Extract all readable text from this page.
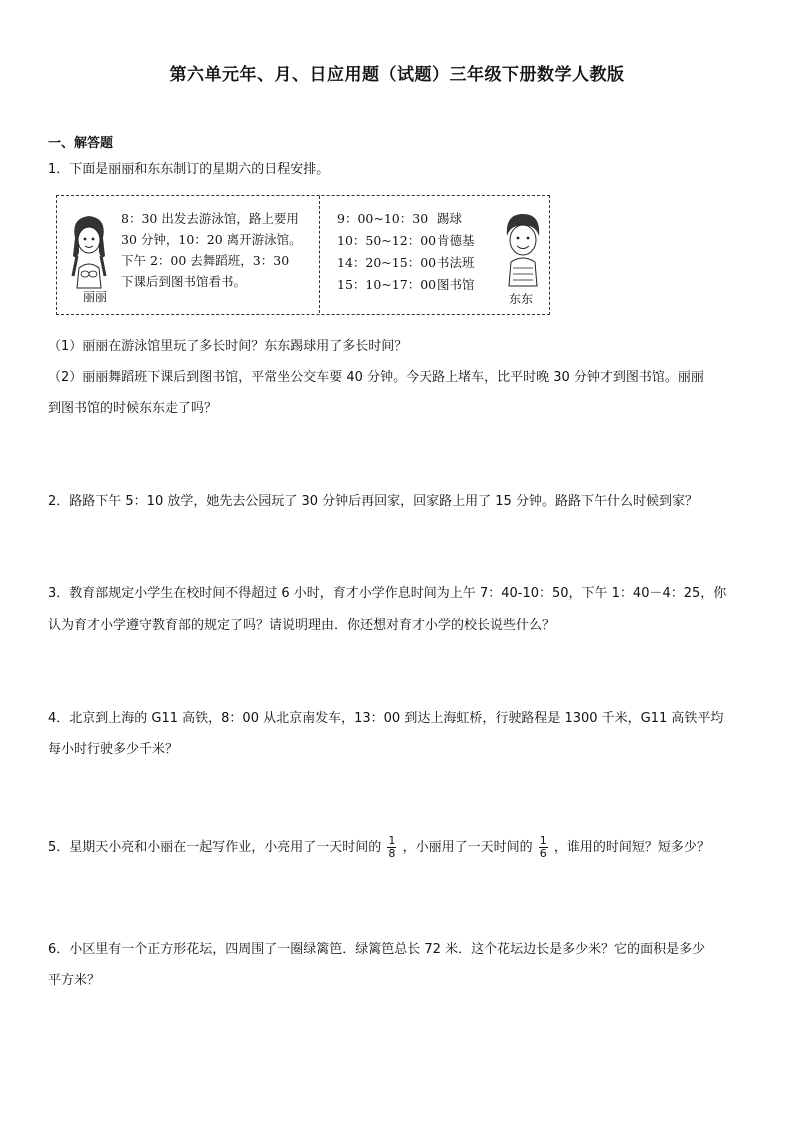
第六单元年、月、日应用题（试题）三年级下册数学人教版
一、解答题
1．下面是丽丽和东东制订的星期六的日程安排。
丽丽
8：30 出发去游泳馆，路上要用
30 分钟，10：20 离开游泳馆。
下午 2：00 去舞蹈班，3：30
下课后到图书馆看书。
9：00~10：30 踢球
10：50~12：00 肯德基
14：20~15：00 书法班
15：10~17：00 图书馆
东东
（1）丽丽在游泳馆里玩了多长时间？东东踢球用了多长时间？
（2）丽丽舞蹈班下课后到图书馆，平常坐公交车要 40 分钟。今天路上堵车，比平时晚 30 分钟才到图书馆。丽丽
到图书馆的时候东东走了吗？
2．路路下午 5：10 放学，她先去公园玩了 30 分钟后再回家，回家路上用了 15 分钟。路路下午什么时候到家？
3．教育部规定小学生在校时间不得超过 6 小时，育才小学作息时间为上午 7：40-10：50，下午 1：40－4：25，你
认为育才小学遵守教育部的规定了吗？请说明理由．你还想对育才小学的校长说些什么？
4．北京到上海的 G11 高铁，8：00 从北京南发车，13：00 到达上海虹桥，行驶路程是 1300 千米，G11 高铁平均
每小时行驶多少千米？
5．星期天小亮和小丽在一起写作业，小亮用了一天时间的 $\frac{1}{8}$ ，小丽用了一天时间的 $\frac{1}{6}$ ，谁用的时间短？短多少？
6．小区里有一个正方形花坛，四周围了一圈绿篱笆．绿篱笆总长 72 米．这个花坛边长是多少米？它的面积是多少
平方米？
